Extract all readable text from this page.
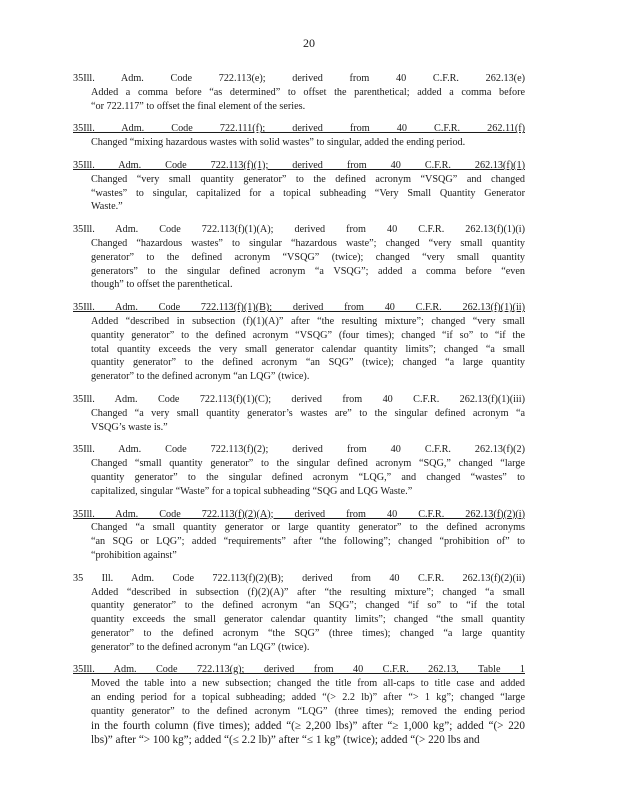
20
35Ill. Adm. Code 722.113(e); derived from 40 C.F.R. 262.13(e)
Added a comma before “as determined” to offset the parenthetical; added a comma before
“or 722.117” to offset the final element of the series.
35Ill. Adm. Code 722.111(f); derived from 40 C.F.R. 262.11(f)
Changed “mixing hazardous wastes with solid wastes” to singular, added the ending period.
35Ill. Adm. Code 722.113(f)(1); derived from 40 C.F.R. 262.13(f)(1)
Changed “very small quantity generator” to the defined acronym “VSQG” and changed
“wastes” to singular, capitalized for a topical subheading “Very Small Quantity Generator
Waste.”
35Ill. Adm. Code 722.113(f)(1)(A); derived from 40 C.F.R. 262.13(f)(1)(i)
Changed “hazardous wastes” to singular “hazardous waste”; changed “very small quantity
generator” to the defined acronym “VSQG” (twice); changed “very small quantity
generators” to the singular defined acronym “a VSQG”; added a comma before “even
though” to offset the parenthetical.
35Ill. Adm. Code 722.113(f)(1)(B); derived from 40 C.F.R. 262.13(f)(1)(ii)
Added “described in subsection (f)(1)(A)” after “the resulting mixture”; changed “very small
quantity generator” to the defined acronym “VSQG” (four times); changed “if so” to “if the
total quantity exceeds the very small generator calendar quantity limits”; changed “a small
quantity generator” to the defined acronym “an SQG” (twice); changed “a large quantity
generator” to the defined acronym “an LQG” (twice).
35Ill. Adm. Code 722.113(f)(1)(C); derived from 40 C.F.R. 262.13(f)(1)(iii)
Changed “a very small quantity generator’s wastes are” to the singular defined acronym “a
VSQG’s waste is.”
35Ill. Adm. Code 722.113(f)(2); derived from 40 C.F.R. 262.13(f)(2)
Changed “small quantity generator” to the singular defined acronym “SQG,” changed “large
quantity generator” to the singular defined acronym “LQG,” and changed “wastes” to
capitalized, singular “Waste” for a topical subheading “SQG and LQG Waste.”
35Ill. Adm. Code 722.113(f)(2)(A); derived from 40 C.F.R. 262.13(f)(2)(i)
Changed “a small quantity generator or large quantity generator” to the defined acronyms
“an SQG or LQG”; added “requirements” after “the following”; changed “prohibition of” to
“prohibition against”
35 Ill. Adm. Code 722.113(f)(2)(B); derived from 40 C.F.R. 262.13(f)(2)(ii)
Added “described in subsection (f)(2)(A)” after “the resulting mixture”; changed “a small
quantity generator” to the defined acronym “an SQG”; changed “if so” to “if the total
quantity exceeds the small generator calendar quantity limits”; changed “the small quantity
generator” to the defined acronym “the SQG” (three times); changed “a large quantity
generator” to the defined acronym “an LQG” (twice).
35Ill. Adm. Code 722.113(g); derived from 40 C.F.R. 262.13, Table 1
Moved the table into a new subsection; changed the title from all-caps to title case and added
an ending period for a topical subheading; added “(> 2.2 lb)” after “> 1 kg”; changed “large
quantity generator” to the defined acronym “LQG” (three times); removed the ending period
in the fourth column (five times); added “(≥ 2,200 lbs)” after “≥ 1,000 kg”; added “(> 220
lbs)” after “> 100 kg”; added “(≤ 2.2 lb)” after “≤ 1 kg” (twice); added “(> 220 lbs and
